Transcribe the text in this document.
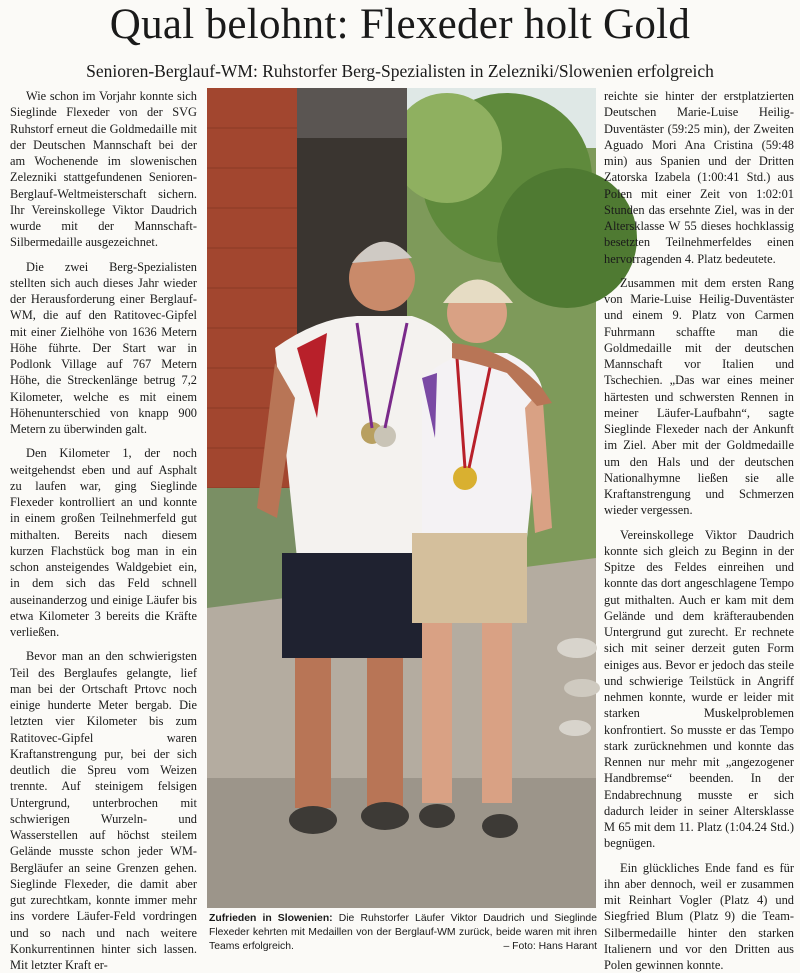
Qual belohnt: Flexeder holt Gold
Senioren-Berglauf-WM: Ruhstorfer Berg-Spezialisten in Zelezniki/Slowenien erfolgreich

Wie schon im Vorjahr konnte sich Sieglinde Flexeder von der SVG Ruhstorf erneut die Goldmedaille mit der Deutschen Mannschaft bei der am Wochenende im slowenischen Zelezniki stattgefundenen Senioren-Berglauf-Weltmeisterschaft sichern. Ihr Vereinskollege Viktor Daudrich wurde mit der Mannschaft-Silbermedaille ausgezeichnet.

Die zwei Berg-Spezialisten stellten sich auch dieses Jahr wieder der Herausforderung einer Berglauf-WM, die auf den Ratitovec-Gipfel mit einer Zielhöhe von 1636 Metern Höhe führte. Der Start war in Podlonk Village auf 767 Metern Höhe, die Streckenlänge betrug 7,2 Kilometer, welche es mit einem Höhenunterschied von knapp 900 Metern zu überwinden galt.

Den Kilometer 1, der noch weitgehendst eben und auf Asphalt zu laufen war, ging Sieglinde Flexeder kontrolliert an und konnte in einem großen Teilnehmerfeld gut mithalten. Bereits nach diesem kurzen Flachstück bog man in ein schon ansteigendes Waldgebiet ein, in dem sich das Feld schnell auseinanderzog und einige Läufer bis etwa Kilometer 3 bereits die Kräfte verließen.

Bevor man an den schwierigsten Teil des Berglaufes gelangte, lief man bei der Ortschaft Prtovc noch einige hunderte Meter bergab. Die letzten vier Kilometer bis zum Ratitovec-Gipfel waren Kraftanstrengung pur, bei der sich deutlich die Spreu vom Weizen trennte. Auf steinigem felsigen Untergrund, unterbrochen mit schwierigen Wurzeln- und Wasserstellen auf höchst steilem Gelände musste schon jeder WM-Bergläufer an seine Grenzen gehen. Sieglinde Flexeder, die damit aber gut zurechtkam, konnte immer mehr ins vordere Läufer-Feld vordringen und so nach und nach weitere Konkurrentinnen hinter sich lassen. Mit letzter Kraft er-

Zufrieden in Slowenien: Die Ruhstorfer Läufer Viktor Daudrich und Sieglinde Flexeder kehrten mit Medaillen von der Berglauf-WM zurück, beide waren mit ihren Teams erfolgreich.	– Foto: Hans Harant

reichte sie hinter der erstplatzierten Deutschen Marie-Luise Heilig-Duventäster (59:25 min), der Zweiten Aguado Mori Ana Cristina (59:48 min) aus Spanien und der Dritten Zatorska Izabela (1:00:41 Std.) aus Polen mit einer Zeit von 1:02:01 Stunden das ersehnte Ziel, was in der Altersklasse W 55 dieses hochklassig besetzten Teilnehmerfeldes einen hervorragenden 4. Platz bedeutete.

Zusammen mit dem ersten Rang von Marie-Luise Heilig-Duventäster und einem 9. Platz von Carmen Fuhrmann schaffte man die Goldmedaille mit der deutschen Mannschaft vor Italien und Tschechien. „Das war eines meiner härtesten und schwersten Rennen in meiner Läufer-Laufbahn“, sagte Sieglinde Flexeder nach der Ankunft im Ziel. Aber mit der Goldmedaille um den Hals und der deutschen Nationalhymne ließen sie alle Kraftanstrengung und Schmerzen wieder vergessen.

Vereinskollege Viktor Daudrich konnte sich gleich zu Beginn in der Spitze des Feldes einreihen und konnte das dort angeschlagene Tempo gut mithalten. Auch er kam mit dem Gelände und dem kräfteraubenden Untergrund gut zurecht. Er rechnete sich mit seiner derzeit guten Form einiges aus. Bevor er jedoch das steile und schwierige Teilstück in Angriff nehmen konnte, wurde er leider mit starken Muskelproblemen konfrontiert. So musste er das Tempo stark zurücknehmen und konnte das Rennen nur mehr mit „angezogener Handbremse“ beenden. In der Endabrechnung musste er sich dadurch leider in seiner Altersklasse M 65 mit dem 11. Platz (1:04.24 Std.) begnügen.

Ein glückliches Ende fand es für ihn aber dennoch, weil er zusammen mit Reinhart Vogler (Platz 4) und Siegfried Blum (Platz 9) die Team-Silbermedaille hinter den starken Italienern und vor den Dritten aus Polen gewinnen konnte.
